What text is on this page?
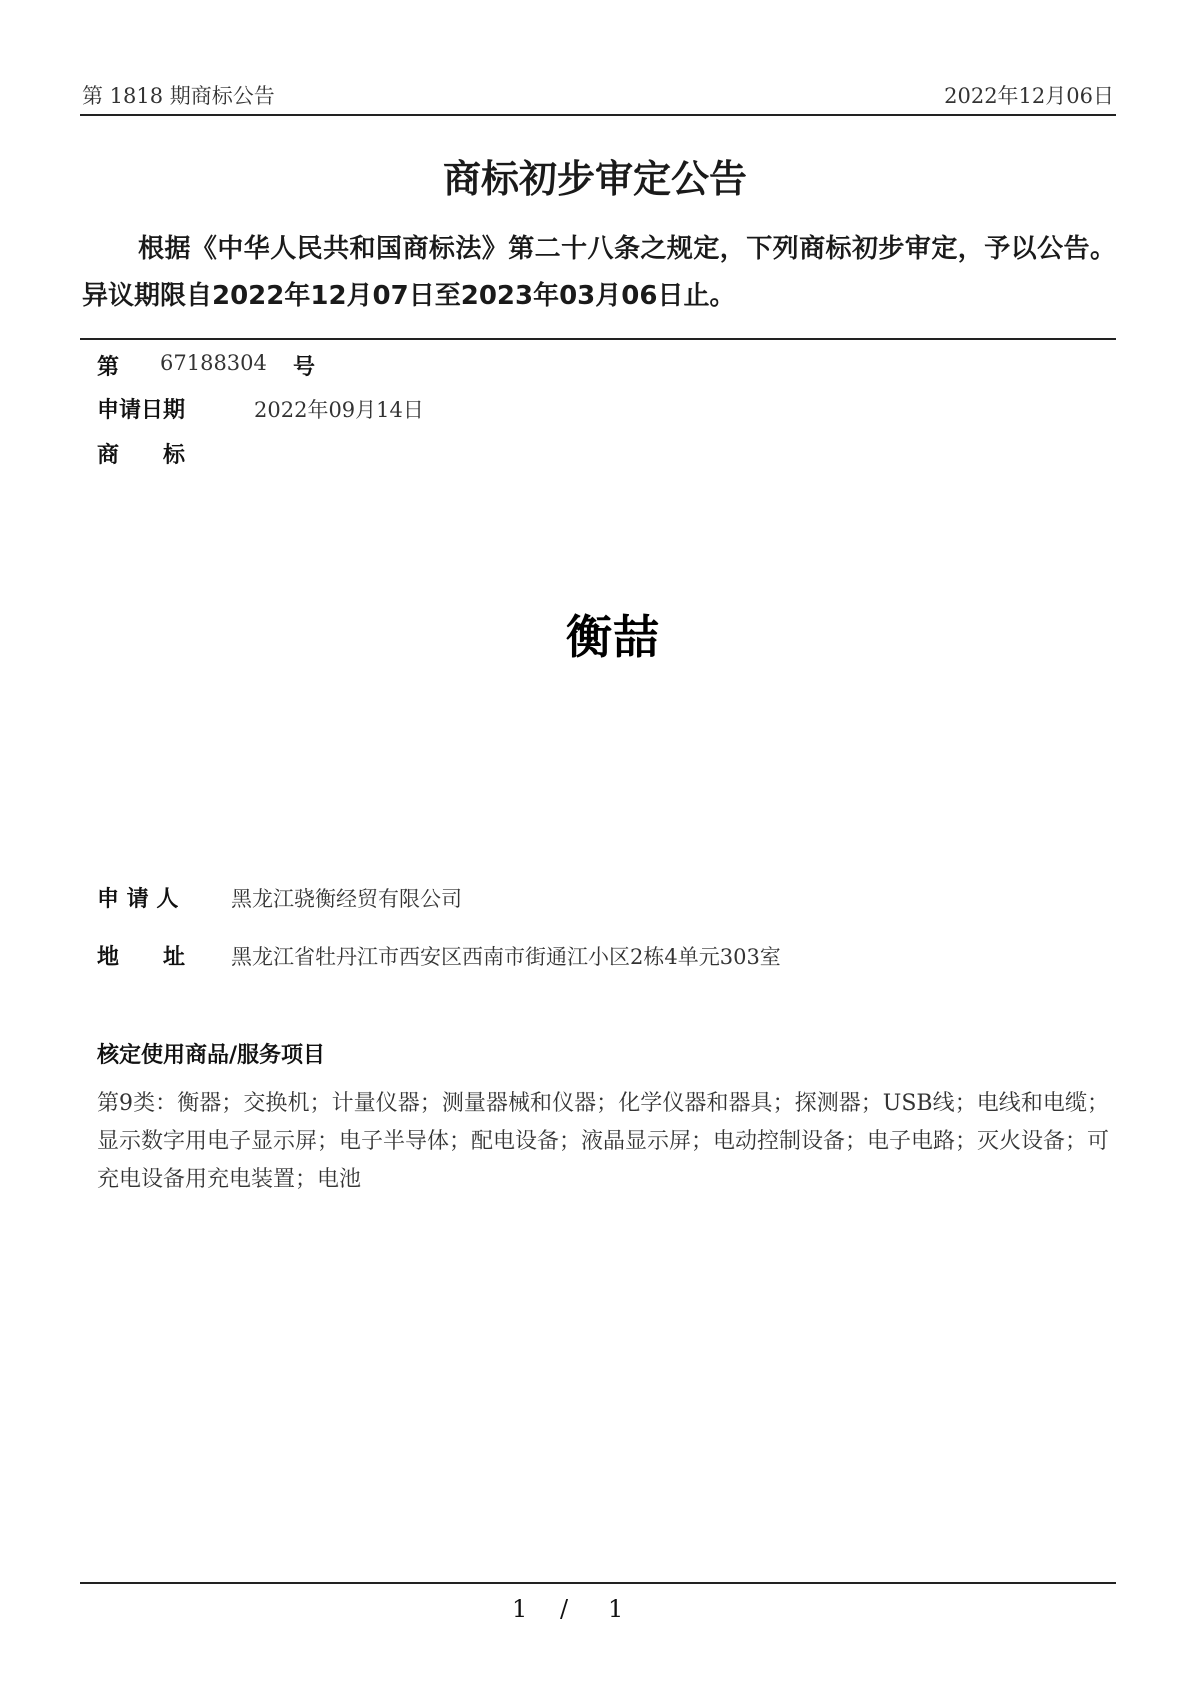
第 1818 期商标公告	2022年12月06日
商标初步审定公告
根据《中华人民共和国商标法》第二十八条之规定，下列商标初步审定，予以公告。异议期限自2022年12月07日至2023年03月06日止。
第 67188304 号
申请日期	2022年09月14日
商　　标
衡喆
申 请 人	黑龙江骁衡经贸有限公司
地　　址 黑龙江省牡丹江市西安区西南市街通江小区2栋4单元303室
核定使用商品/服务项目
第9类：衡器；交换机；计量仪器；测量器械和仪器；化学仪器和器具；探测器；USB线；电线和电缆；显示数字用电子显示屏；电子半导体；配电设备；液晶显示屏；电动控制设备；电子电路；灭火设备；可充电设备用充电装置；电池
1 / 1
